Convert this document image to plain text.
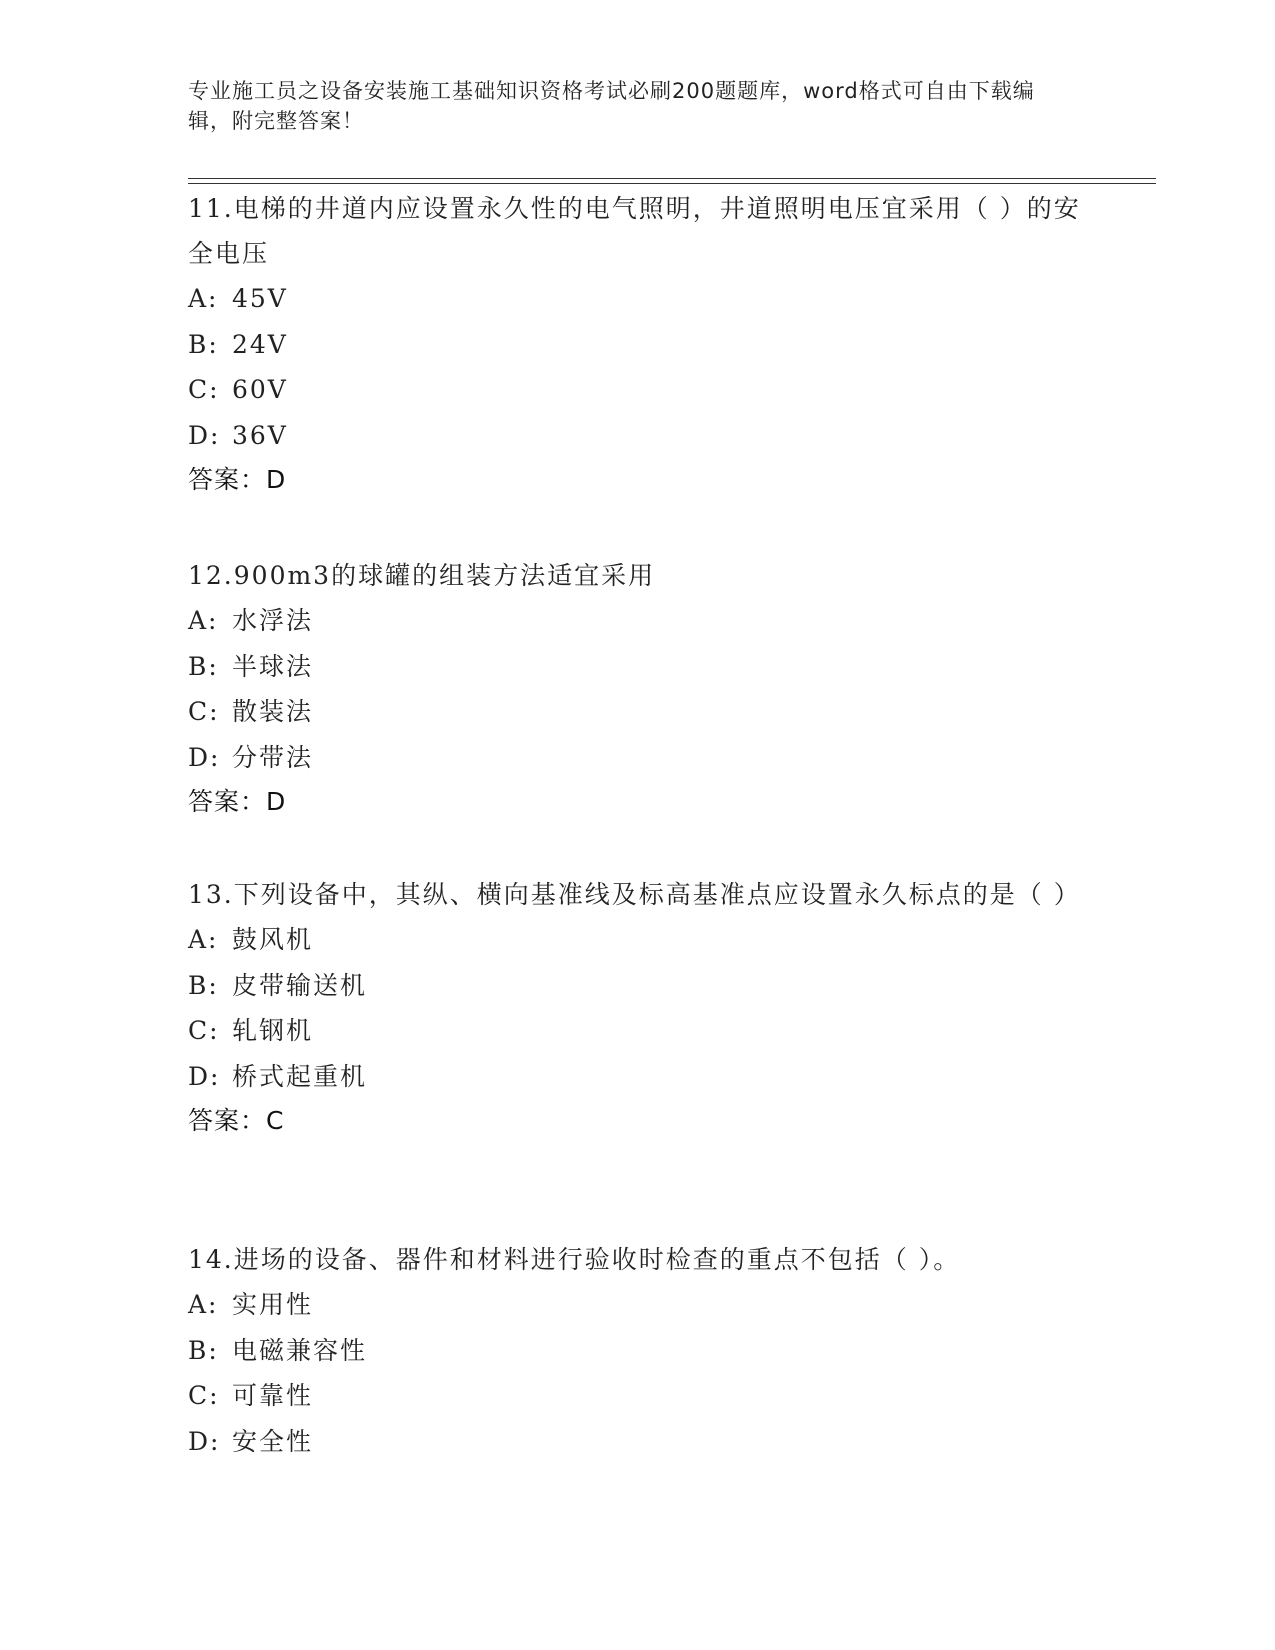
专业施工员之设备安装施工基础知识资格考试必刷200题题库，word格式可自由下载编辑，附完整答案！

11.电梯的井道内应设置永久性的电气照明，井道照明电压宜采用（ ）的安全电压

A: 45V
B: 24V
C: 60V
D: 36V
答案：D

12.900m3的球罐的组装方法适宜采用

A: 水浮法
B: 半球法
C: 散装法
D: 分带法
答案：D

13.下列设备中，其纵、横向基准线及标高基准点应设置永久标点的是（ ）

A: 鼓风机
B: 皮带输送机
C: 轧钢机
D: 桥式起重机
答案：C

14.进场的设备、器件和材料进行验收时检查的重点不包括（ ）。

A: 实用性
B: 电磁兼容性
C: 可靠性
D: 安全性
